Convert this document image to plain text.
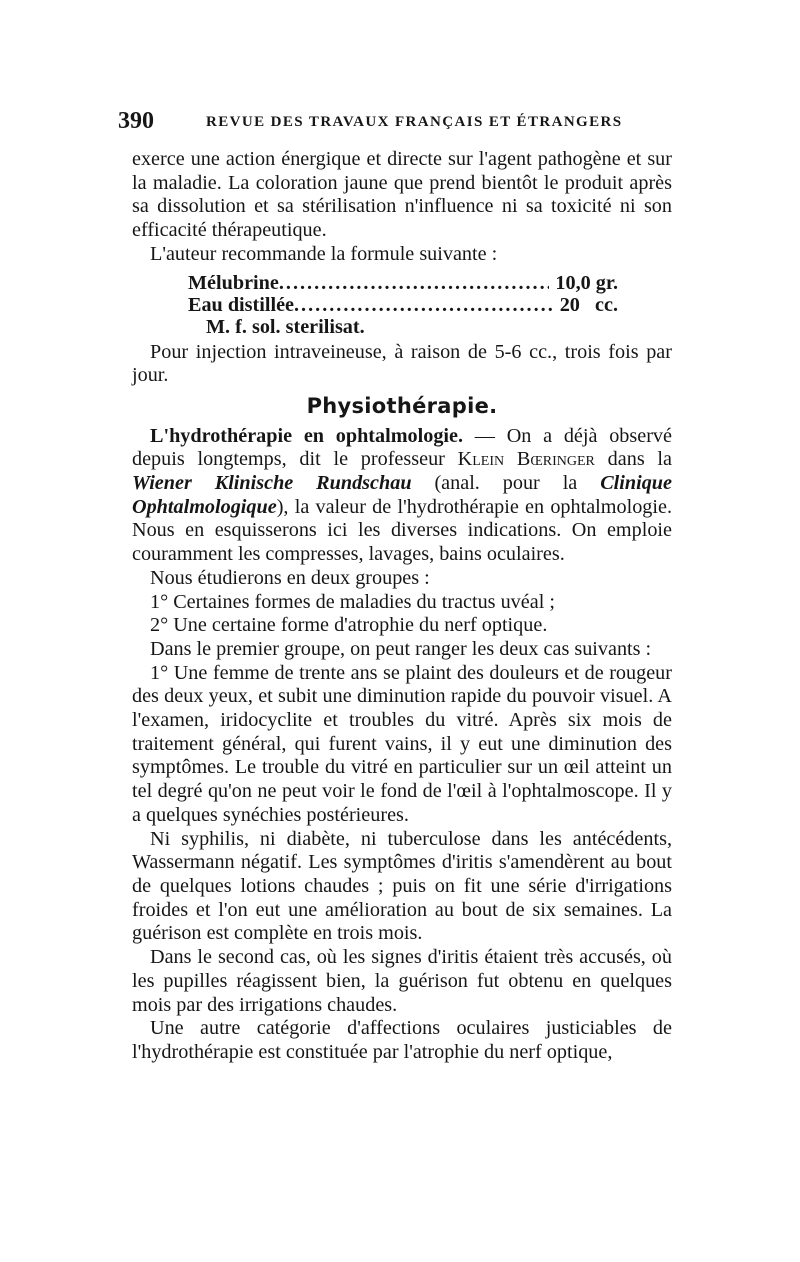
390	REVUE DES TRAVAUX FRANÇAIS ET ÉTRANGERS

exerce une action énergique et directe sur l'agent pathogène et sur la maladie. La coloration jaune que prend bientôt le produit après sa dissolution et sa stérilisation n'influence ni sa toxicité ni son efficacité thérapeutique.

L'auteur recommande la formule suivante :

Mélubrine .....	10,0 gr.
Eau distillée .....	20   cc.
M. f. sol. sterilisat.

Pour injection intraveineuse, à raison de 5-6 cc., trois fois par jour.

Physiothérapie.

L'hydrothérapie en ophtalmologie. — On a déjà observé depuis longtemps, dit le professeur Klein Bœringer dans la Wiener Klinische Rundschau (anal. pour la Clinique Ophtalmologique), la valeur de l'hydrothérapie en ophtalmologie. Nous en esquisserons ici les diverses indications. On emploie couramment les compresses, lavages, bains oculaires.

Nous étudierons en deux groupes :

1° Certaines formes de maladies du tractus uvéal ;

2° Une certaine forme d'atrophie du nerf optique.

Dans le premier groupe, on peut ranger les deux cas suivants :

1° Une femme de trente ans se plaint des douleurs et de rougeur des deux yeux, et subit une diminution rapide du pouvoir visuel. A l'examen, iridocyclite et troubles du vitré. Après six mois de traitement général, qui furent vains, il y eut une diminution des symptômes. Le trouble du vitré en particulier sur un œil atteint un tel degré qu'on ne peut voir le fond de l'œil à l'ophtalmoscope. Il y a quelques synéchies postérieures.

Ni syphilis, ni diabète, ni tuberculose dans les antécédents, Wassermann négatif. Les symptômes d'iritis s'amendèrent au bout de quelques lotions chaudes ; puis on fit une série d'irrigations froides et l'on eut une amélioration au bout de six semaines. La guérison est complète en trois mois.

Dans le second cas, où les signes d'iritis étaient très accusés, où les pupilles réagissent bien, la guérison fut obtenu en quelques mois par des irrigations chaudes.

Une autre catégorie d'affections oculaires justiciables de l'hydrothérapie est constituée par l'atrophie du nerf optique,
